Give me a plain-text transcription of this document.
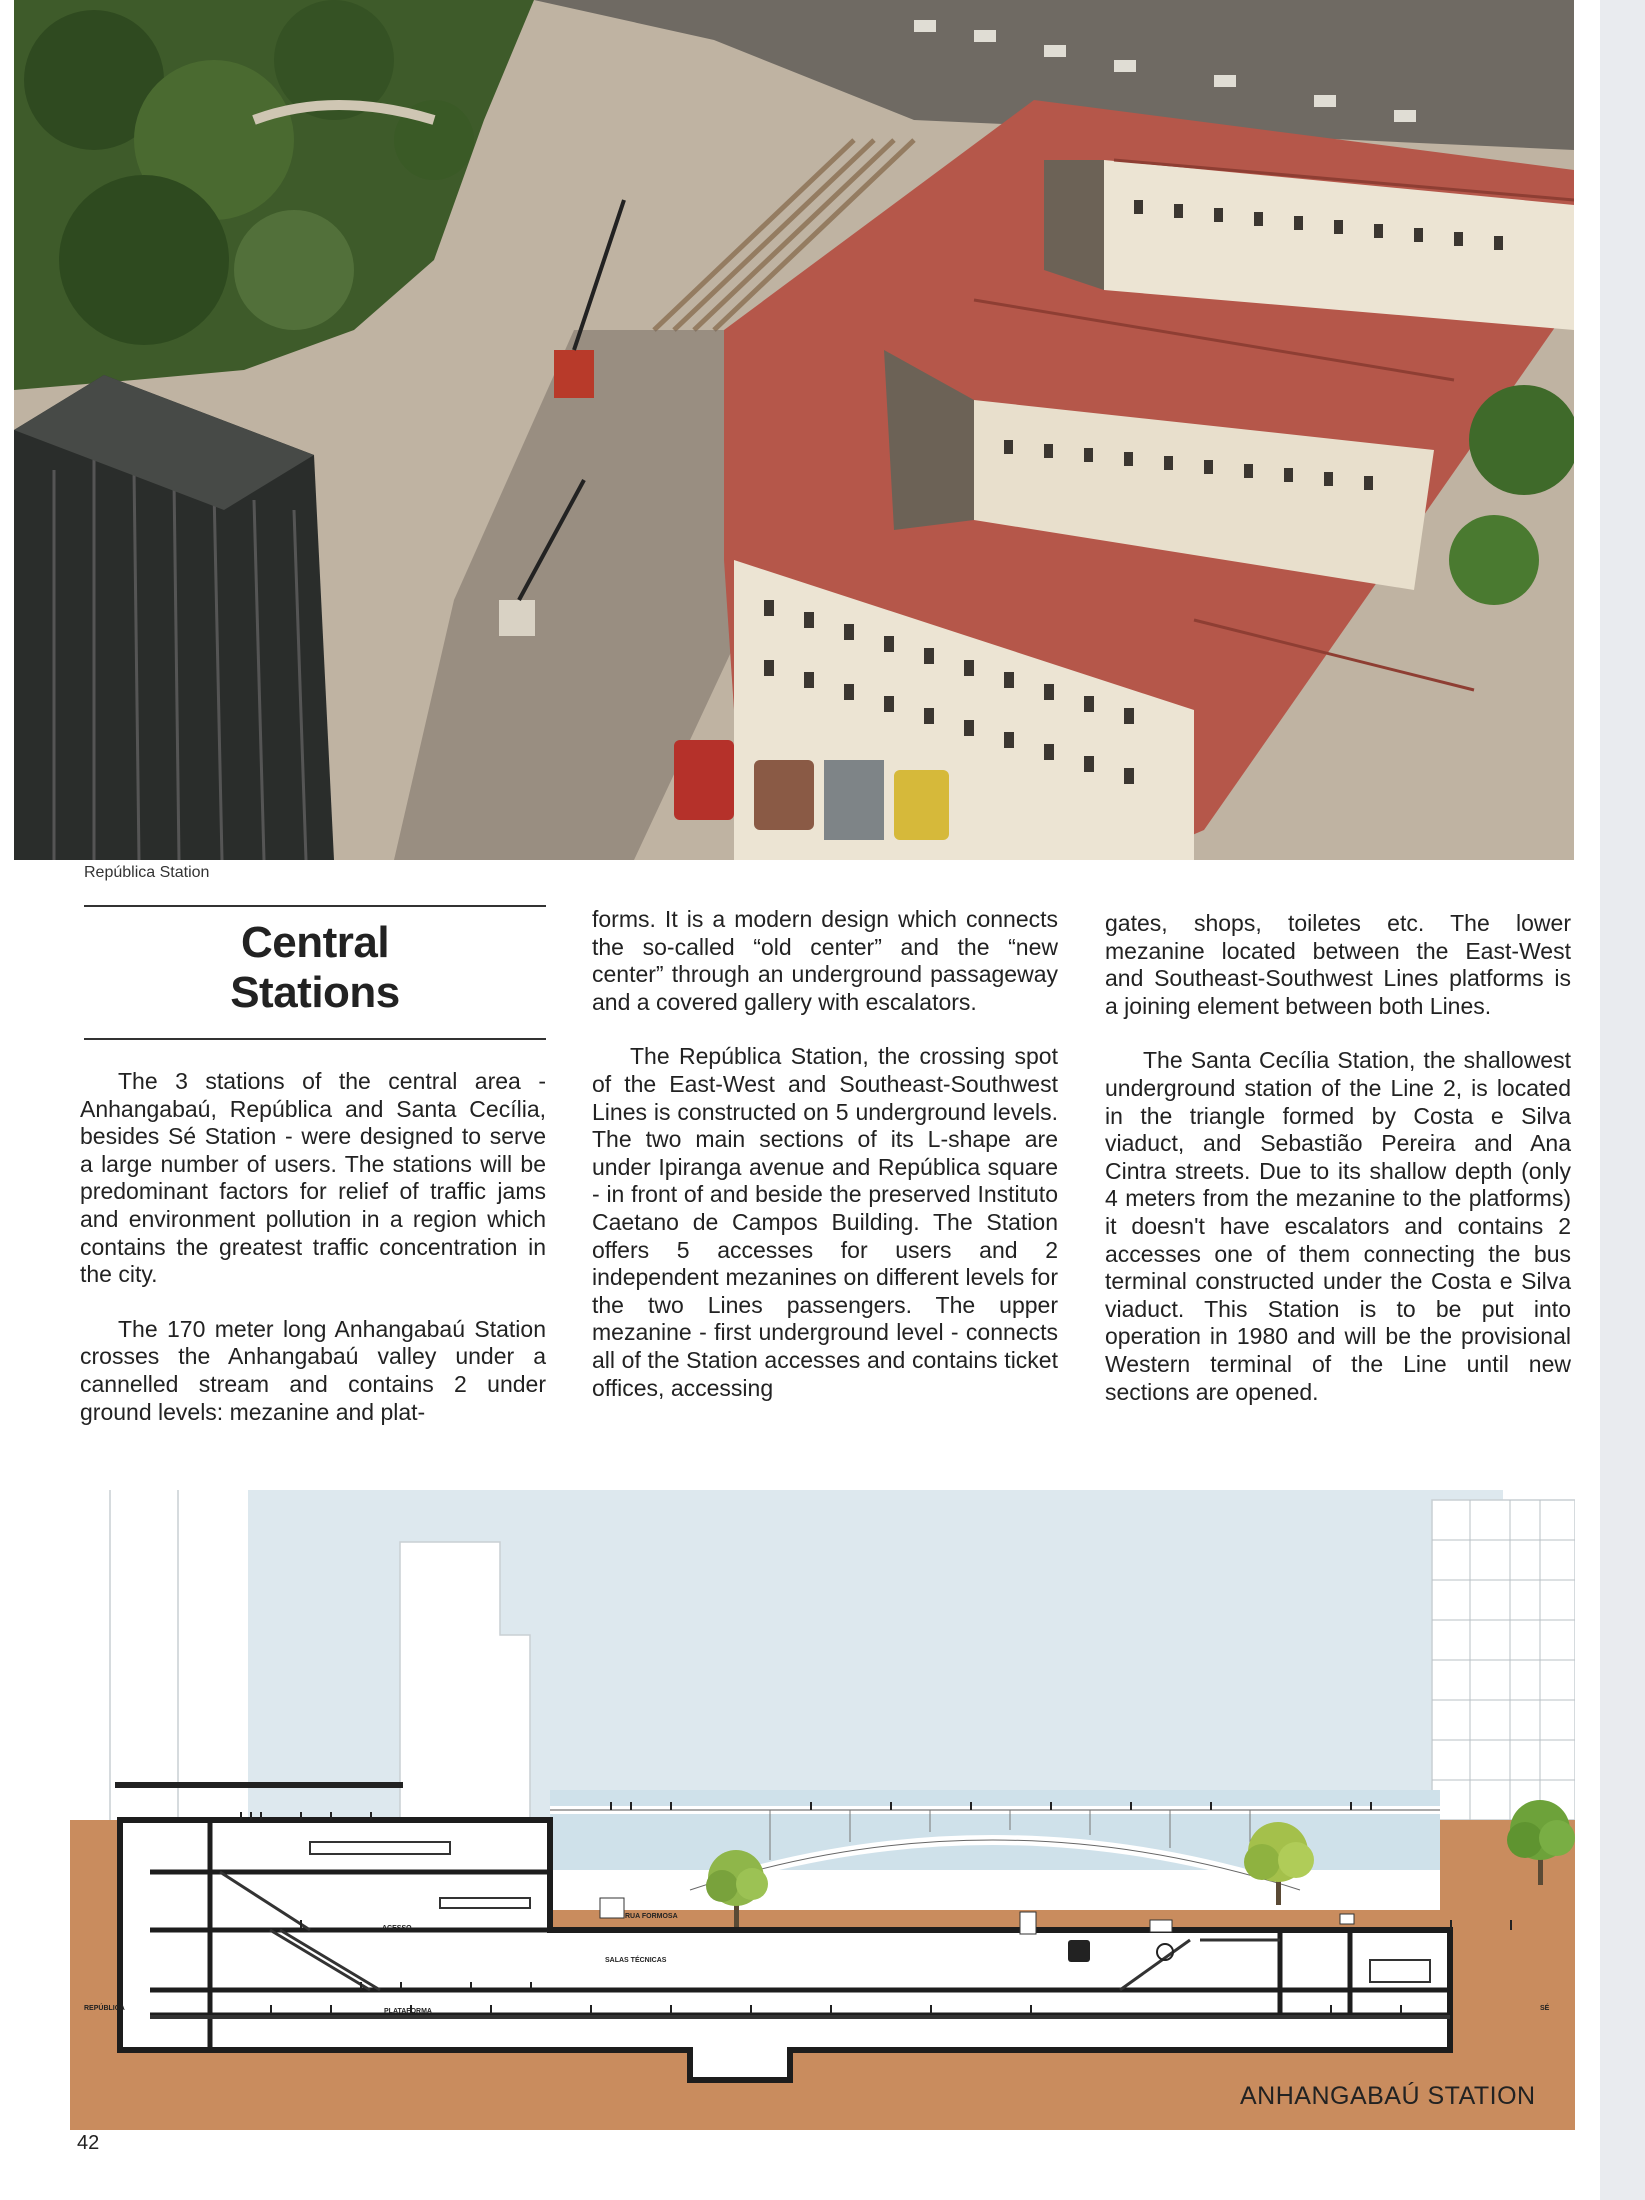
República Station
Central
Stations

The 3 stations of the central area - Anhangabaú, República and Santa Cecília, besides Sé Station - were designed to serve a large number of users. The stations will be predominant factors for relief of traffic jams and environment pollution in a region which contains the greatest traffic concentration in the city.

The 170 meter long Anhangabaú Station crosses the Anhangabaú valley under a cannelled stream and contains 2 under ground levels: mezanine and plat-

forms. It is a modern design which connects the so-called “old center” and the “new center” through an underground passageway and a covered gallery with escalators.

The República Station, the crossing spot of the East-West and Southeast-Southwest Lines is constructed on 5 underground levels. The two main sections of its L-shape are under Ipiranga avenue and República square - in front of and beside the preserved Instituto Caetano de Campos Building. The Station offers 5 accesses for users and 2 independent mezanines on different levels for the two Lines passengers. The upper mezanine - first underground level - connects all of the Station accesses and contains ticket offices, accessing

gates, shops, toiletes etc. The lower mezanine located between the East-West and Southeast-Southwest Lines platforms is a joining element between both Lines.

The Santa Cecília Station, the shallowest underground station of the Line 2, is located in the triangle formed by Costa e Silva viaduct, and Sebastião Pereira and Ana Cintra streets. Due to its shallow depth (only 4 meters from the mezanine to the platforms) it doesn't have escalators and contains 2 accesses one of them connecting the bus terminal constructed under the Costa e Silva viaduct. This Station is to be put into operation in 1980 and will be the provisional Western terminal of the Line until new sections are opened.

ACESSO
RUA FORMOSA
SALAS TÉCNICAS
PLATAFORMA
REPÚBLICA	SÉ
ANHANGABAÚ STATION
42
